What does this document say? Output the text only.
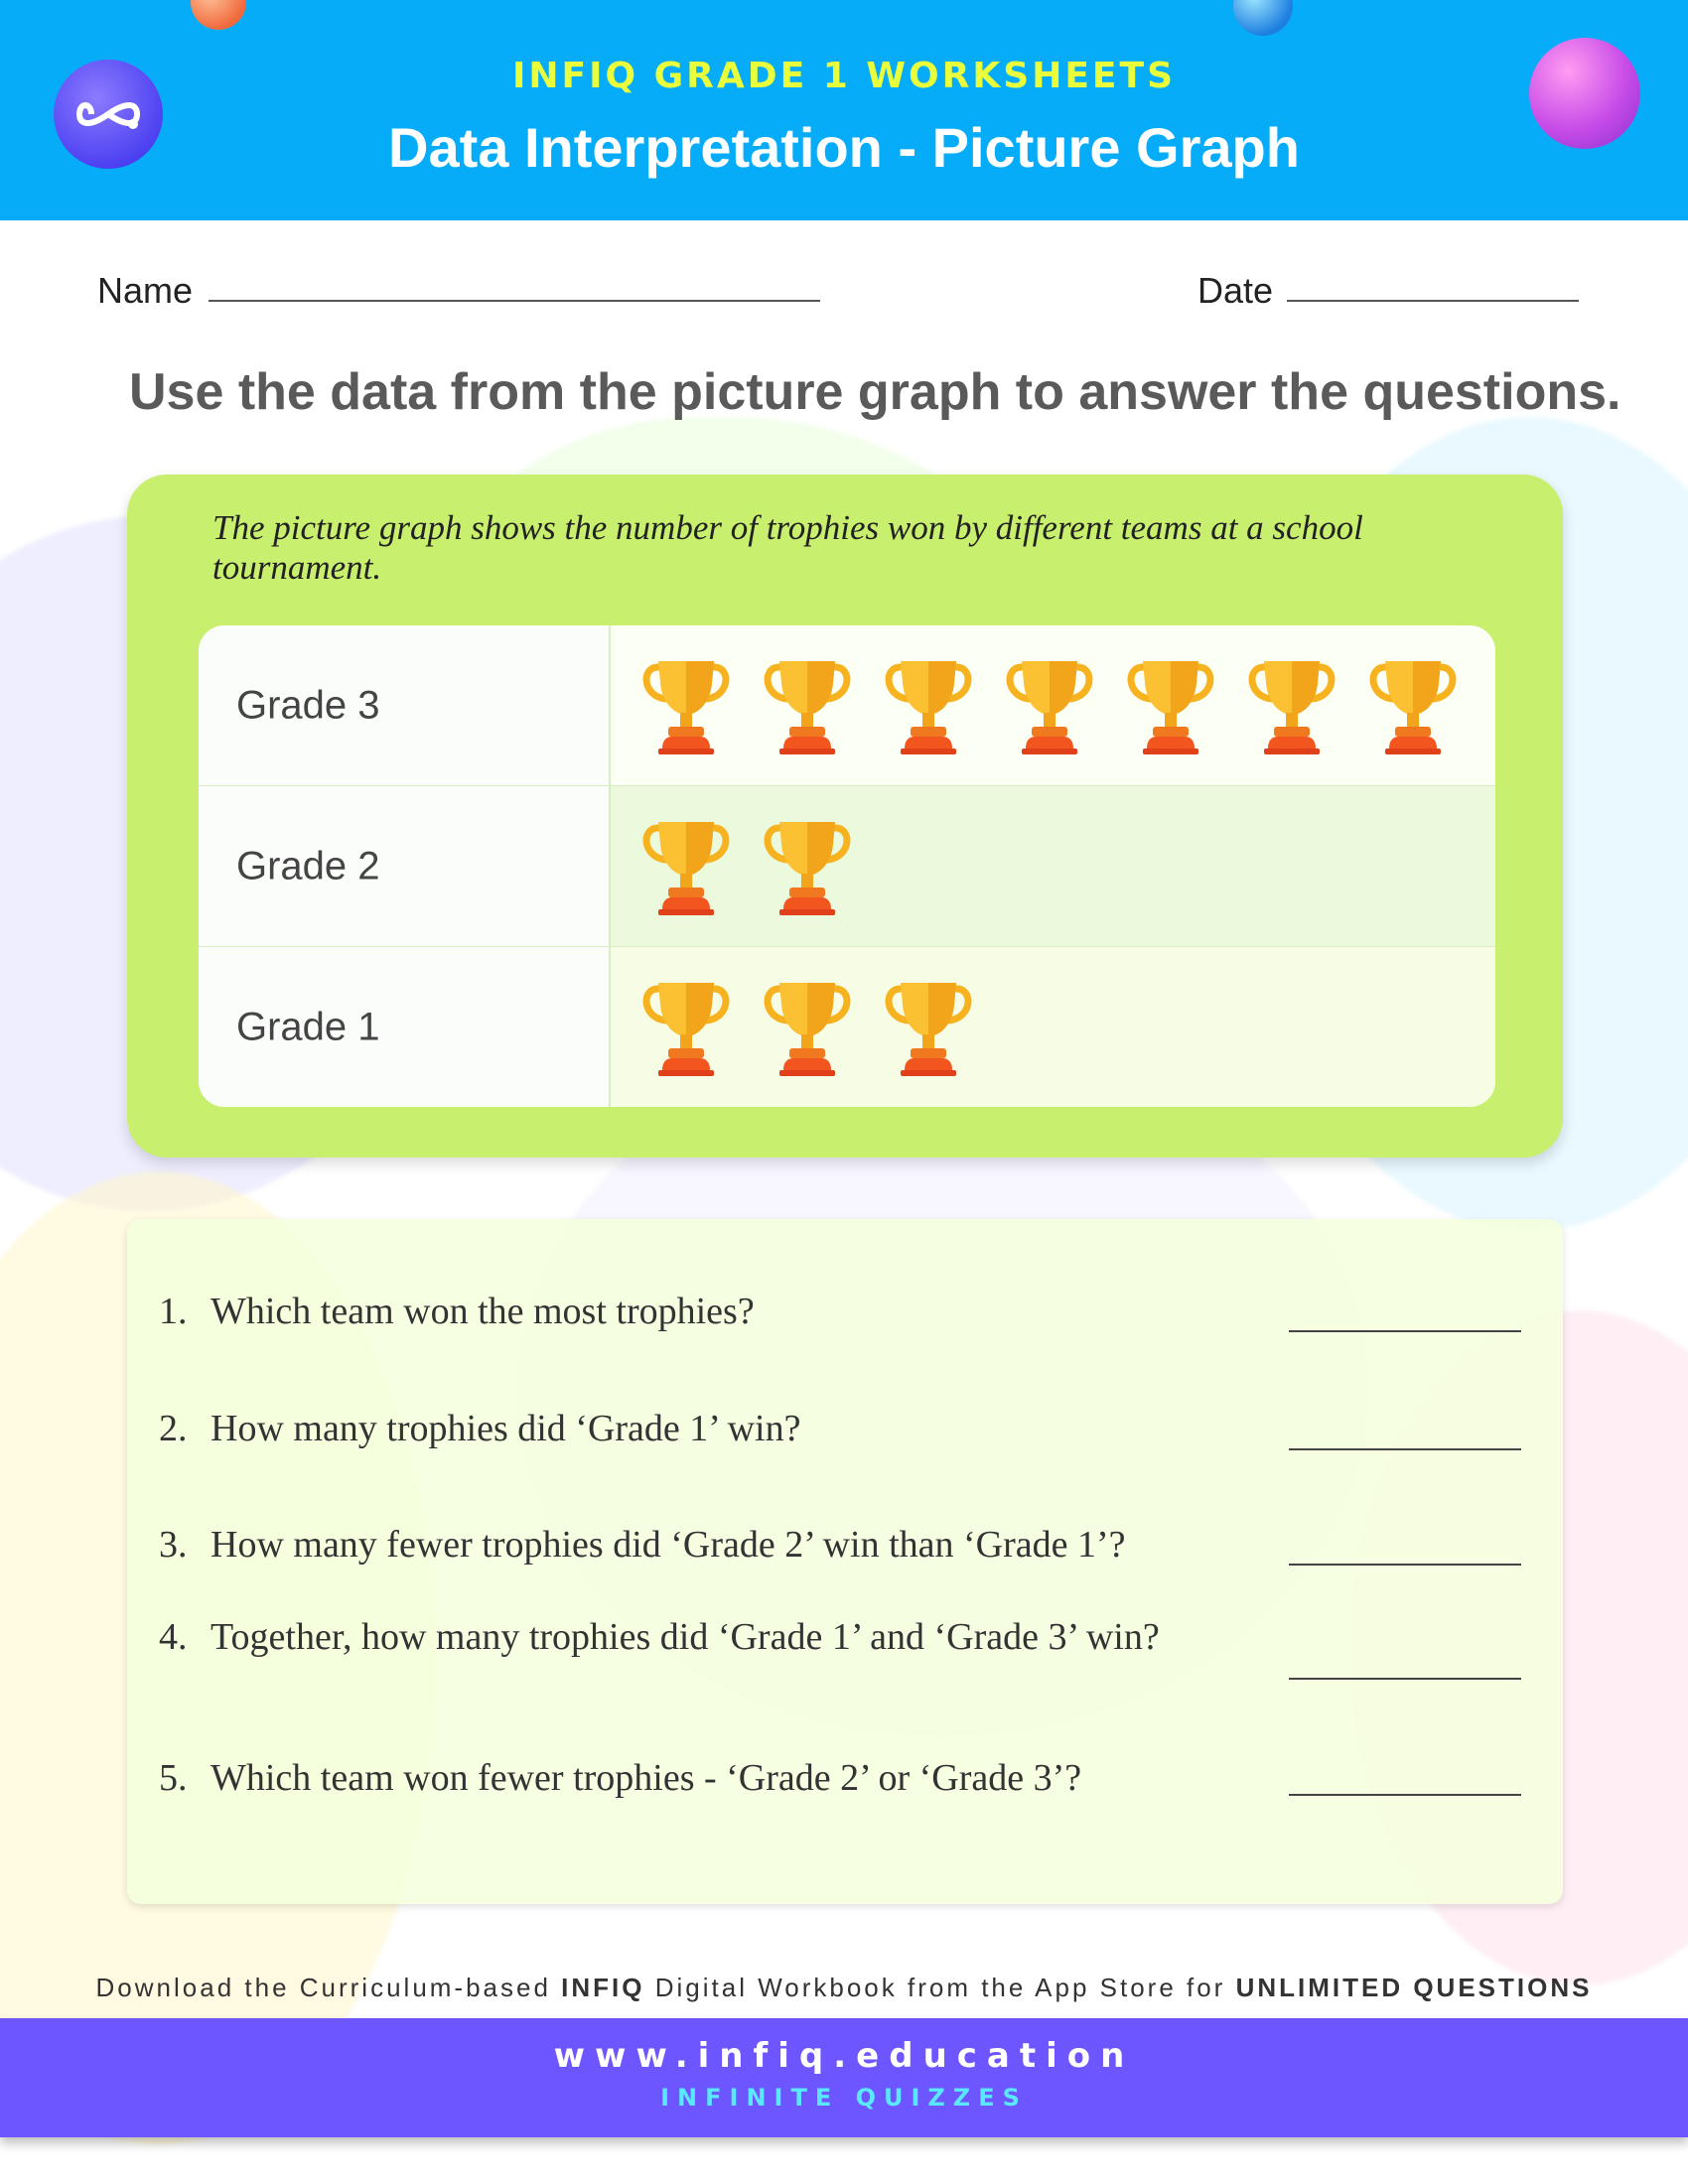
INFIQ GRADE 1 WORKSHEETS
Data Interpretation - Picture Graph
Name	Date
Use the data from the picture graph to answer the questions.
The picture graph shows the number of trophies won by different teams at a school tournament.
Grade 3
Grade 2
Grade 1
1. Which team won the most trophies?
2. How many trophies did ‘Grade 1’ win?
3. How many fewer trophies did ‘Grade 2’ win than ‘Grade 1’?
4. Together, how many trophies did ‘Grade 1’ and ‘Grade 3’ win?
5. Which team won fewer trophies - ‘Grade 2’ or ‘Grade 3’?
Download the Curriculum-based INFIQ Digital Workbook from the App Store for UNLIMITED QUESTIONS
www.infiq.education
INFINITE QUIZZES
